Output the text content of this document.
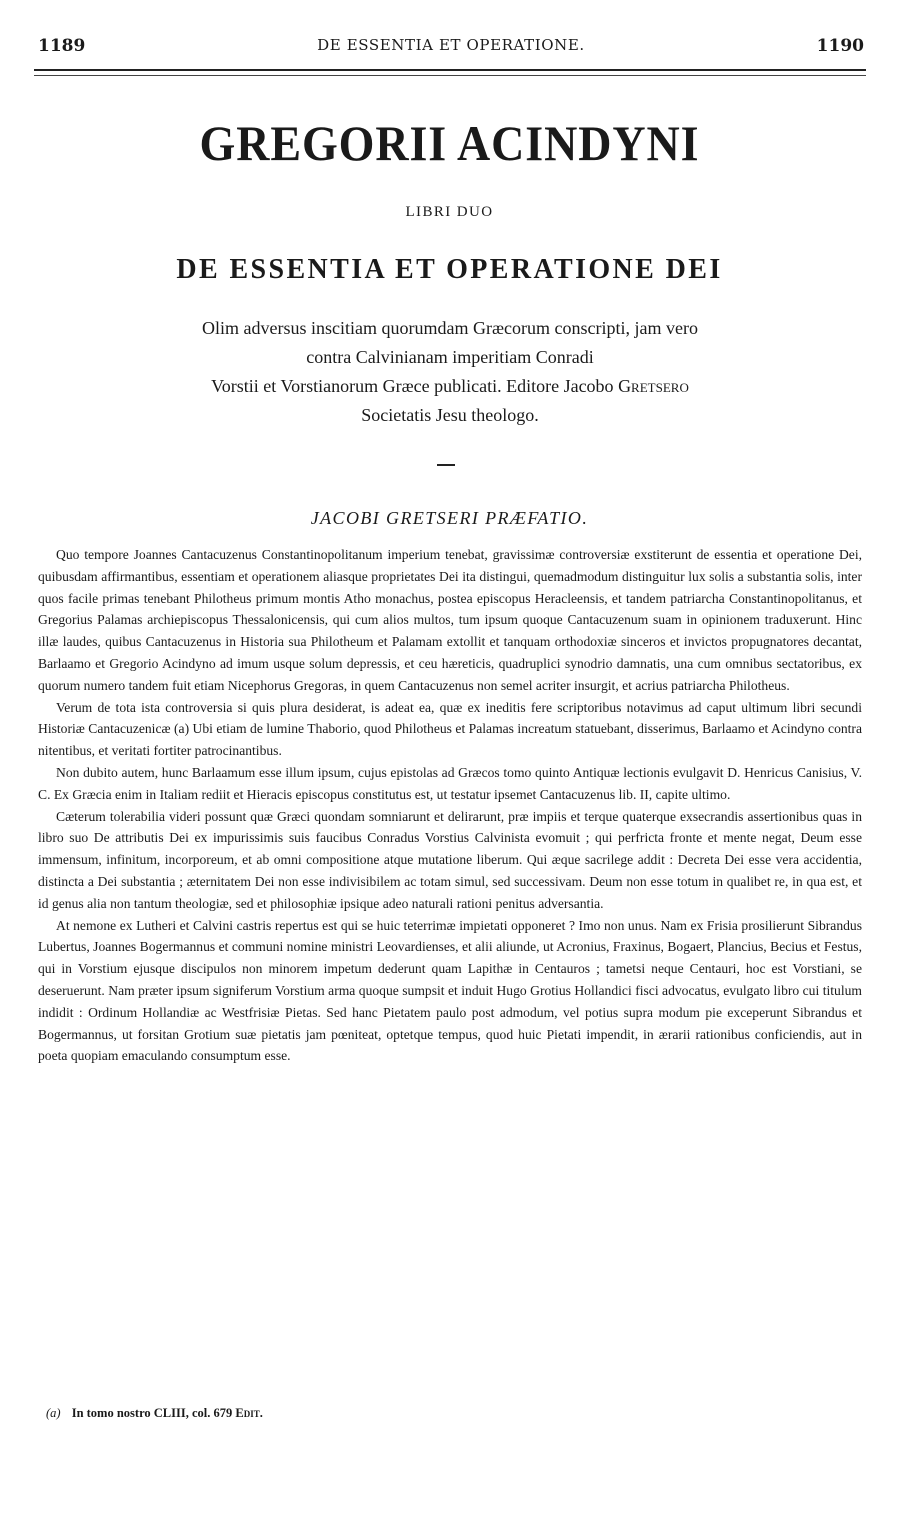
1189	DE ESSENTIA ET OPERATIONE.	1190
GREGORII ACINDYNI
LIBRI DUO
DE ESSENTIA ET OPERATIONE DEI
Olim adversus inscitiam quorumdam Græcorum conscripti, jam vero
contra Calvinianam imperitiam Conradi
Vorstii et Vorstianorum Græce publicati. Editore Jacobo Gretsero
Societatis Jesu theologo.
JACOBI GRETSERI PRÆFATIO.

Quo tempore Joannes Cantacuzenus Constantinopolitanum imperium tenebat, gravissimæ controversiæ exstiterunt de essentia et operatione Dei, quibusdam affirmantibus, essentiam et operationem aliasque proprietates Dei ita distingui, quemadmodum distinguitur lux solis a substantia solis, inter quos facile primas tenebant Philotheus primum montis Atho monachus, postea episcopus Heracleensis, et tandem patriarcha Constantinopolitanus, et Gregorius Palamas archiepiscopus Thessalonicensis, qui cum alios multos, tum ipsum quoque Cantacuzenum suam in opinionem traduxerunt. Hinc illæ laudes, quibus Cantacuzenus in Historia sua Philotheum et Palamam extollit et tanquam orthodoxiæ sinceros et invictos propugnatores decantat, Barlaamo et Gregorio Acindyno ad imum usque solum depressis, et ceu hæreticis, quadruplici synodrio damnatis, una cum omnibus sectatoribus, ex quorum numero tandem fuit etiam Nicephorus Gregoras, in quem Cantacuzenus non semel acriter insurgit, et acrius patriarcha Philotheus.

Verum de tota ista controversia si quis plura desiderat, is adeat ea, quæ ex ineditis fere scriptoribus notavimus ad caput ultimum libri secundi Historiæ Cantacuzenicæ (a) Ubi etiam de lumine Thaborio, quod Philotheus et Palamas increatum statuebant, disserimus, Barlaamo et Acindyno contra nitentibus, et veritati fortiter patrocinantibus.

Non dubito autem, hunc Barlaamum esse illum ipsum, cujus epistolas ad Græcos tomo quinto Antiquæ lectionis evulgavit D. Henricus Canisius, V. C. Ex Græcia enim in Italiam rediit et Hieracis episcopus constitutus est, ut testatur ipsemet Cantacuzenus lib. II, capite ultimo.

Cæterum tolerabilia videri possunt quæ Græci quondam somniarunt et delirarunt, præ impiis et terque quaterque exsecrandis assertionibus quas in libro suo De attributis Dei ex impurissimis suis faucibus Conradus Vorstius Calvinista evomuit ; qui perfricta fronte et mente negat, Deum esse immensum, infinitum, incorporeum, et ab omni compositione atque mutatione liberum. Qui æque sacrilege addit : Decreta Dei esse vera accidentia, distincta a Dei substantia ; æternitatem Dei non esse indivisibilem ac totam simul, sed successivam. Deum non esse totum in qualibet re, in qua est, et id genus alia non tantum theologiæ, sed et philosophiæ ipsique adeo naturali rationi penitus adversantia.

At nemone ex Lutheri et Calvini castris repertus est qui se huic teterrimæ impietati opponeret ? Imo non unus. Nam ex Frisia prosilierunt Sibrandus Lubertus, Joannes Bogermannus et communi nomine ministri Leovardienses, et alii aliunde, ut Acronius, Fraxinus, Bogaert, Plancius, Becius et Festus, qui in Vorstium ejusque discipulos non minorem impetum dederunt quam Lapithæ in Centauros ; tametsi neque Centauri, hoc est Vorstiani, se deseruerunt. Nam præter ipsum signiferum Vorstium arma quoque sumpsit et induit Hugo Grotius Hollandici fisci advocatus, evulgato libro cui titulum indidit : Ordinum Hollandiæ ac Westfrisiæ Pietas. Sed hanc Pietatem paulo post admodum, vel potius supra modum pie exceperunt Sibrandus et Bogermannus, ut forsitan Grotium suæ pietatis jam pœniteat, optetque tempus, quod huic Pietati impendit, in ærarii rationibus conficiendis, aut in poeta quopiam emaculando consumptum esse.

(a) In tomo nostro CLIII, col. 679 Edit.
